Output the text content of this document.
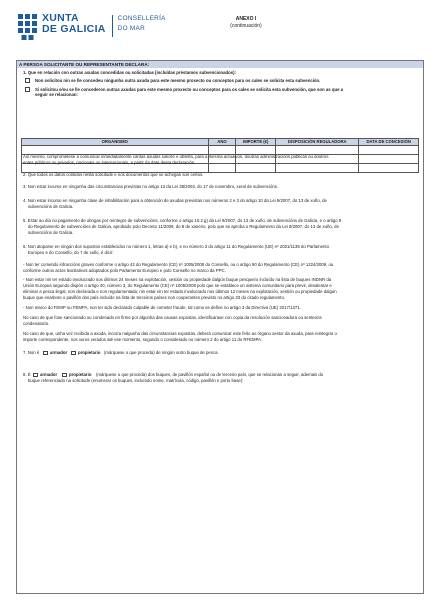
XUNTA
DE GALICIA
CONSELLERÍA
DO MAR
ANEXO I
(continuación)
A PERSOA SOLICITANTE OU REPRESENTANTE DECLARA:
1. Que en relación con outras axudas concedidas ou solicitadas (incluídas préstamos subvencionados):
Non solicitou nin se lle concedeu ningunha outra axuda para este mesmo proxecto ou conceptos para os cales se solicita esta subvención.
Si solicitou e/ou se lle concederon outras axudas para este mesmo proxecto ou conceptos para os cales se solicita esta subvención, que son as que a
seguir se relacionan:
ORGANISMO	ANO	IMPORTE (€)	DISPOSICIÓN REGULADORA	DATA DE CONCESIÓN

Así mesmo, comprométese a comunicar inmediatamente cantas axudas solicite e obteña, para a mesma actuación, doutras administracións públicas ou doutros
entes públicos ou privados, nacionais ou internacionais, a partir da data desta declaración.
2. Que todos os datos contidos nesta solicitude e nos documentos que se achegan son certos.
3. Non estar incurso en ningunha das circunstancias previstas no artigo 13 da Lei 38/2003, do 17 de novembro, xeral de subvencións.
4. Non estar incurso en ningunha clase de inhabilitación para a obtención de axudas previstas nos números 2 e 3 do artigo 10 da Lei 9/2007, do 13 de xuño, de
subvencións de Galicia.
5. Estar ao día no pagamento de obrigas por reintegro de subvencións, conforme o artigo 10.2.g) da Lei 9/2007, do 13 de xuño, de subvencións de Galicia, e o artigo 9
do Regulamento de subvencións de Galicia, aprobado polo Decreto 11/2009, do 8 de xaneiro, polo que se aproba o Regulamento da Lei 9/2007, do 13 de xuño, de
subvencións de Galicia.
6. Non atoparse en ningún dos supostos establecidos no número 1, letras a) e b), e no número 3 do artigo 11 do Regulamento (UE) nº 2021/1139 do Parlamento
Europeo e do Consello, do 7 de xullo, é dicir:
- Non ter cometido infraccións graves conforme o artigo 42 do Regulamento (CE) nº 1005/2008 do Consello, ou o artigo 90 do Regulamento (CE) nº 1224/2009, ou
conforme outros actos lexislativos adoptados polo Parlamento Europeo e polo Consello no marco da PPC.
- Non estar nin ter estado involucrado nos últimos 24 meses na explotación, xestión ou propiedade dalgún buque pesqueiro incluído na lista de buques INDNR da
Unión Europea segundo dispón o artigo 40, número 3, do Regulamento (CE) nº 1005/2008 polo que se establece un sistema comunitario para previr, desalentar e
eliminar a pesca ilegal, non declarada e non regulamentada; nin estar nin ter estado involucrado nos últimos 12 meses na explotación, xestión ou propiedade dalgún
buque que enarbore o pavillón dos país incluído na lista de terceiros países non cooperantes previsto no artigo 33 do citado regulamento.
- Non marco do FEMP ou FEMPA, non ter sido declarado culpable de cometer fraude, tal como se define no artigo 3 da Directiva (UE) 2017/1371.
No caso de que fose sancionado ou condenado en firme por algunha das causas expostas, identificarase con copia da resolución sancionadora ou sentenza
condenatoria.
No caso de que, unha vez recibida a axuda, incorra nalgunha das circunstancias expostas, deberá comunicar este feito ao órgano xestor da axuda, para reintegrar o
importe correspondente, nos xuros xerados até ese momento, segundo o considerado no número 2 do artigo 11 do RFEMPA.
7. Non é	armador	propietario (márquese o que proceda) de ningún outro buque de pesca.
8. É armador	propietario (márquese o que proceda) dos buques, de pavillón español ou de terceiro país, que se relacionan a seguir, ademais do
buque referenciado na solicitude (enumerar os buques, incluíndo nome, matrícula, código, pavillón e porto base):
